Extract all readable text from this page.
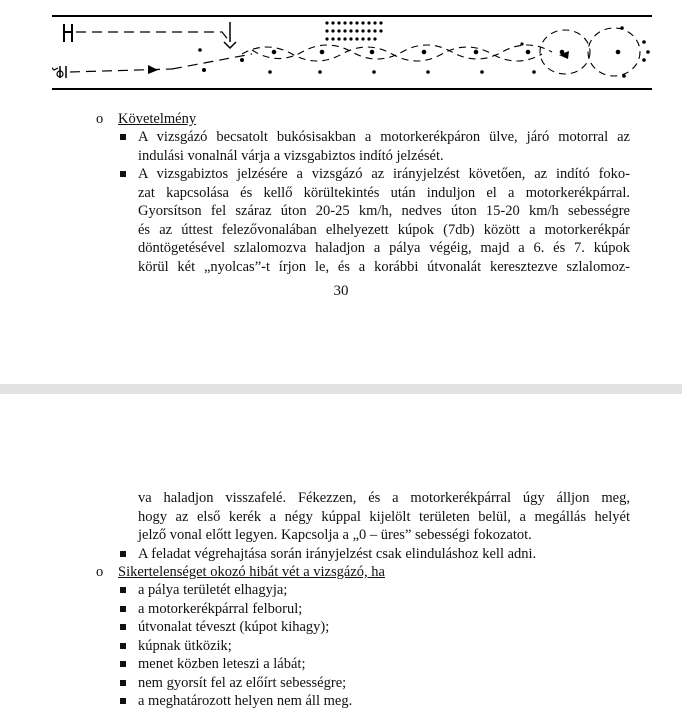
o	Követelmény
A vizsgázó becsatolt bukósisakban a motorkerékpáron ülve, járó motorral az
indulási vonalnál várja a vizsgabiztos indító jelzését.
A vizsgabiztos jelzésére a vizsgázó az irányjelzést követően, az indító foko-
zat kapcsolása és kellő körültekintés után induljon el a motorkerékpárral.
Gyorsítson fel száraz úton 20-25 km/h, nedves úton 15-20 km/h sebességre
és az úttest felezővonalában elhelyezett kúpok (7db) között a motorkerékpár
döntögetésével szlalomozva haladjon a pálya végéig, majd a 6. és 7. kúpok
körül két „nyolcas”-t írjon le, és a korábbi útvonalát keresztezve szlalomoz-
30
va haladjon visszafelé. Fékezzen, és a motorkerékpárral úgy álljon meg,
hogy az első kerék a négy kúppal kijelölt területen belül, a megállás helyét
jelző vonal előtt legyen. Kapcsolja a „0 – üres” sebességi fokozatot.
A feladat végrehajtása során irányjelzést csak elinduláshoz kell adni.
o	Sikertelenséget okozó hibát vét a vizsgázó, ha
a pálya területét elhagyja;
a motorkerékpárral felborul;
útvonalat téveszt (kúpot kihagy);
kúpnak ütközik;
menet közben leteszi a lábát;
nem gyorsít fel az előírt sebességre;
a meghatározott helyen nem áll meg.
